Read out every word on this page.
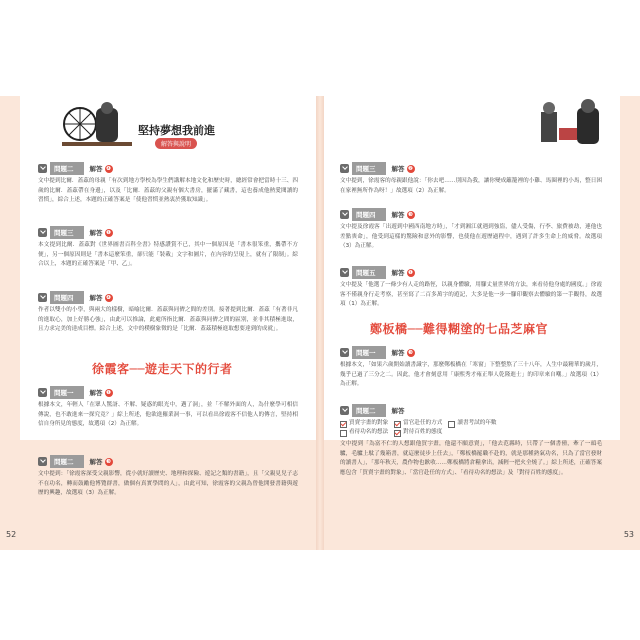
堅持夢想我前進
解答與說明
52	53
問題二	解答 ❹
文中提到比爾．蓋茲的母親「有次到地方學校為學生們講解本地文化和歷史時，總經常會把當時十三、四歲的比爾．蓋茲帶在身邊」，以及「比爾．蓋茲的父親有個大書房，擺滿了藏書，這也養成他熱愛閱讀的習慣」，綜合上述，本題的正確答案是「使他習慣並熱衷於獲取知識」。
問題三	解答 ❶
本文提到比爾．蓋茲對《世界圖書百科全書》特感讚賞不已，其中一個原因是「書本很笨重，攜帶不方便」，另一個原因則是「書本這麼笨重，卻只能「裝載」文字和圖片，在內容的呈現上，就有了限制」。綜合以上，本題的正確答案是「甲、乙」。
問題四	解答 ❹
作者以雙小的小學，與兩大的樣樹，暗喻比爾．蓋茲與同儕之間的差別。接著提到比爾．蓋茲「有著非凡的進取心，加上好勝心強」，由此可以推論，此處所指比爾．蓋茲與同儕之間的區別，並非其積極進取，且力求完美的達成目標。綜合上述，文中的樸樹象徵的是「比爾．蓋茲積極進取想要達到的成就」。
徐霞客──遊走天下的行者
問題一	解答 ❶
根據本文，年輕人「在眾人驚訝、不解、疑惑的眼光中，邁了洞」，並「不解外面的人，為什麼學可相信傳說，也不敢進來一探究竟？」綜上所述，他欲進羅業洞一事，可以看出徐霞客不信他人的傳言，堅持相信自身所見的態度，故選項（2）為正解。
問題二	解答 ❸
文中提到：「徐霞客深受父親影響，從小就好讀歷史、地理和探險、遊記之類的書籍」，且「父親見兒子志不在功名，轉而鼓勵他博覽群書，做個有真實學問的人」，由此可知，徐霞客的父親為曾他開發書籍與遊歷的興趣，故選項（3）為正解。
問題三	解答 ❷
文中提到，徐霞客的母親跟他說：「你去吧……別因為我，讓你變成籬籠裡的小雞、馬圈裡的小馬，整日困在家裡無所作為呀！」故選項（2）為正解。
問題四	解答 ❸
文中提及徐霞客「出遊到中國西南地方時」，「才到湘江就遇到強盜，儘人受傷，行李、旅費被劫，連他也差點喪命」，他受到這樣的驚險和意外的影響，也使他在遊歷過程中，遇到了許多生命上的威脅。故選項（3）為正解。
問題五	解答 ❶
文中提及「他選了一條少有人走的路徑，以親身體驗，用腳丈量世界的方法，來看待他身處的國度。」徐霞客不僅親身行走考察，甚至寫了二百多萬字的遊記，大多是他一步一腳印觀察去體驗的第一手觀得，故選項（1）為正解。
鄭板橋──難得糊塗的七品芝麻官
問題一	解答 ❸
根據本文，「如果六歲開始讀書識字，那麼鄭板橋在「寒窗」下整整熬了三十八年，人生中最精華的歲月，幾乎已過了三分之二。因此，他才會刻意用「康熙秀才雍正舉人乾隆進士」的印章來自嘲。」故選項（1）為正解。
問題二	解答
買賣字畫的對象	當官赴任的方式	讀書考試的年數
看待功名的想法	對待百姓的態度
文中提到「為富不仁的人想跟他買字畫，他還不願意賣」，「他去范縣時，只帶了一個書僮，牽了一頭毛驢，毛驢上駄了幾箱書，就這麼徒步上任去」，「鄭板橋罷職不赴的，就是那種熟氣功名，只為了當官發財的讀書人」，「那年秋天，農作物也歉收……鄭板橋將倉糧拿出，減輕一把火全燒了。」綜上所述，正確答案應包含「買賣字畫的對象」、「當官赴任的方式」、「看待功名的想法」及「對待百姓的態度」。
